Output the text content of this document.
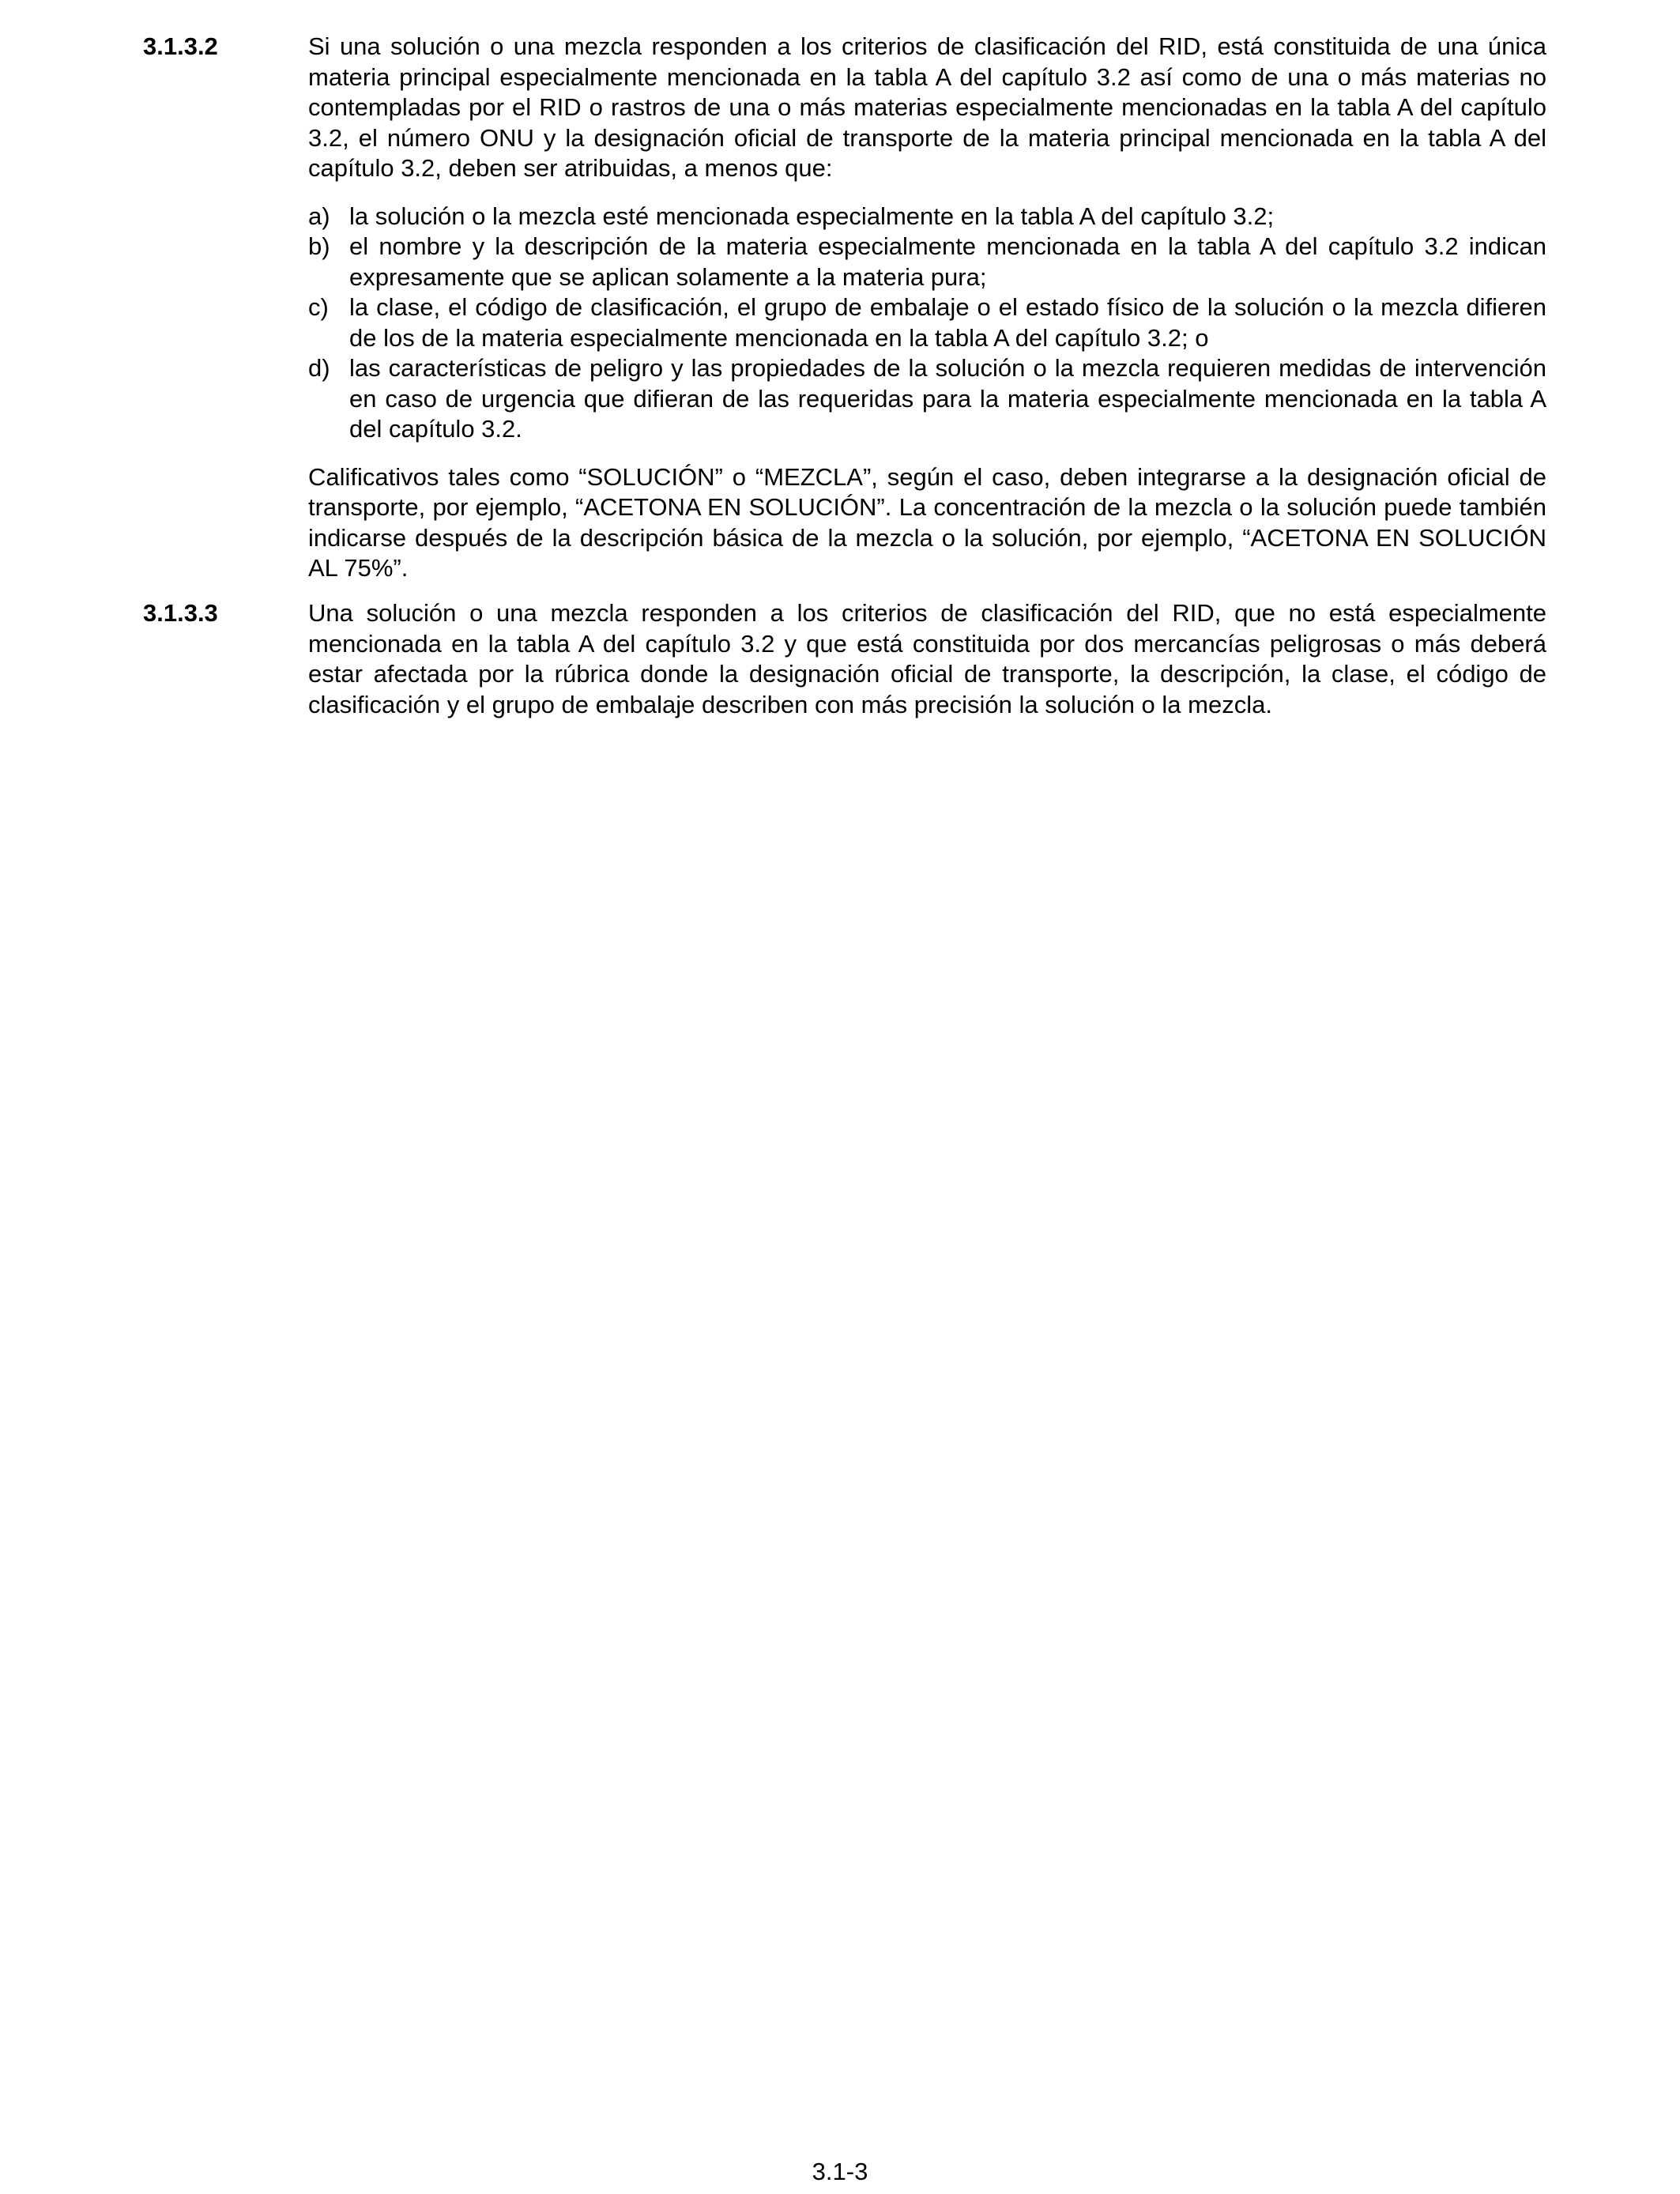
3.1.3.2	Si una solución o una mezcla responden a los criterios de clasificación del RID, está constituida de una única materia principal especialmente mencionada en la tabla A del capítulo 3.2 así como de una o más materias no contempladas por el RID o rastros de una o más materias especialmente mencionadas en la tabla A del capítulo 3.2, el número ONU y la designación oficial de transporte de la materia principal mencionada en la tabla A del capítulo 3.2, deben ser atribuidas, a menos que:

a) la solución o la mezcla esté mencionada especialmente en la tabla A del capítulo 3.2;
b) el nombre y la descripción de la materia especialmente mencionada en la tabla A del capítulo 3.2 indican expresamente que se aplican solamente a la materia pura;
c) la clase, el código de clasificación, el grupo de embalaje o el estado físico de la solución o la mezcla difieren de los de la materia especialmente mencionada en la tabla A del capítulo 3.2; o
d) las características de peligro y las propiedades de la solución o la mezcla requieren medidas de intervención en caso de urgencia que difieran de las requeridas para la materia especialmente mencionada en la tabla A del capítulo 3.2.

Calificativos tales como “SOLUCIÓN” o “MEZCLA”, según el caso, deben integrarse a la designación oficial de transporte, por ejemplo, “ACETONA EN SOLUCIÓN”. La concentración de la mezcla o la solución puede también indicarse después de la descripción básica de la mezcla o la solución, por ejemplo, “ACETONA EN SOLUCIÓN AL 75%”.

3.1.3.3	Una solución o una mezcla responden a los criterios de clasificación del RID, que no está especialmente mencionada en la tabla A del capítulo 3.2 y que está constituida por dos mercancías peligrosas o más deberá estar afectada por la rúbrica donde la designación oficial de transporte, la descripción, la clase, el código de clasificación y el grupo de embalaje describen con más precisión la solución o la mezcla.

3.1-3
